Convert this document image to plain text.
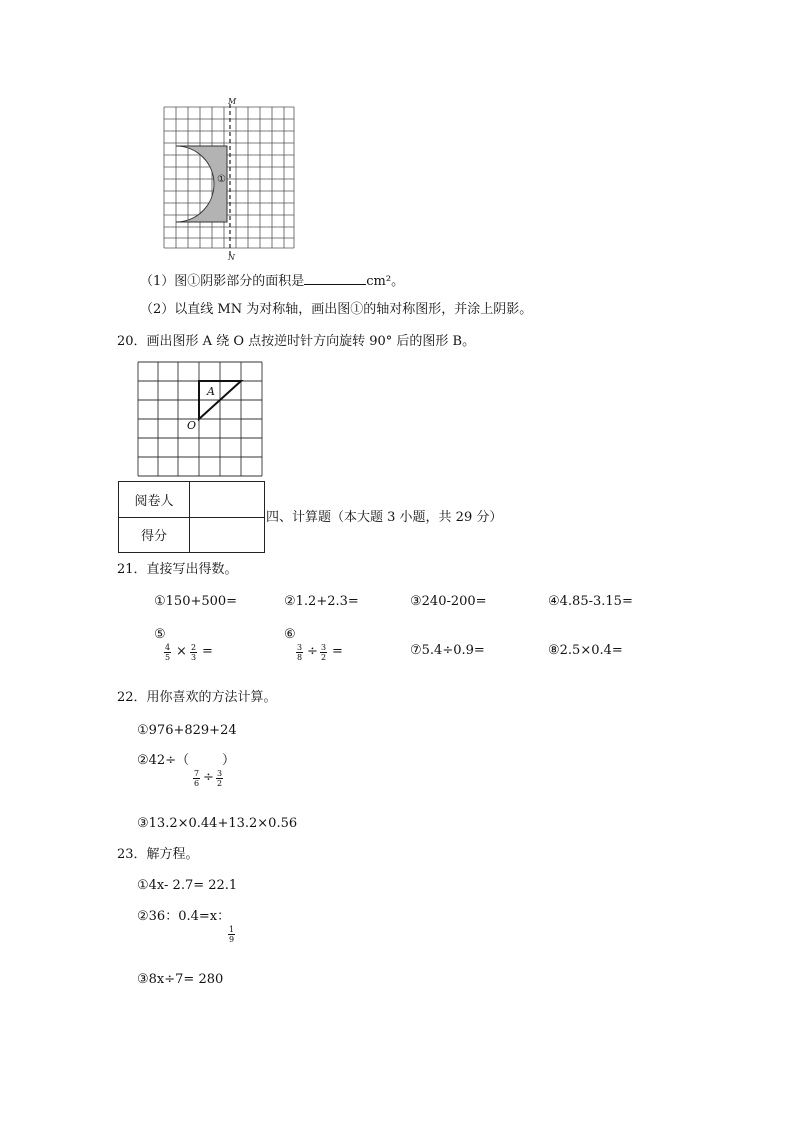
M
N
①
（1）图①阴影部分的面积是	cm²。
（2）以直线 MN 为对称轴，画出图①的轴对称图形，并涂上阴影。
20．画出图形 A 绕 O 点按逆时针方向旋转 90° 后的图形 B。
A
O
阅卷人	
得分	
四、计算题（本大题 3 小题，共 29 分）
21．直接写出得数。
①150+500=	②1.2+2.3=	③240-200=	④4.85-3.15=
⑤
$\frac{4}{5} \times \frac{2}{3}$ =
⑥
$\frac{3}{8} \div \frac{3}{2}$ =	⑦5.4÷0.9=	⑧2.5×0.4=
22．用你喜欢的方法计算。
①976+829+24
②42÷（
$\frac{7}{6} \div \frac{3}{2}$
）
③13.2×0.44+13.2×0.56
23．解方程。
①4x- 2.7= 22.1
②36：0.4=x：
$\frac{1}{9}$
③8x÷7= 280
